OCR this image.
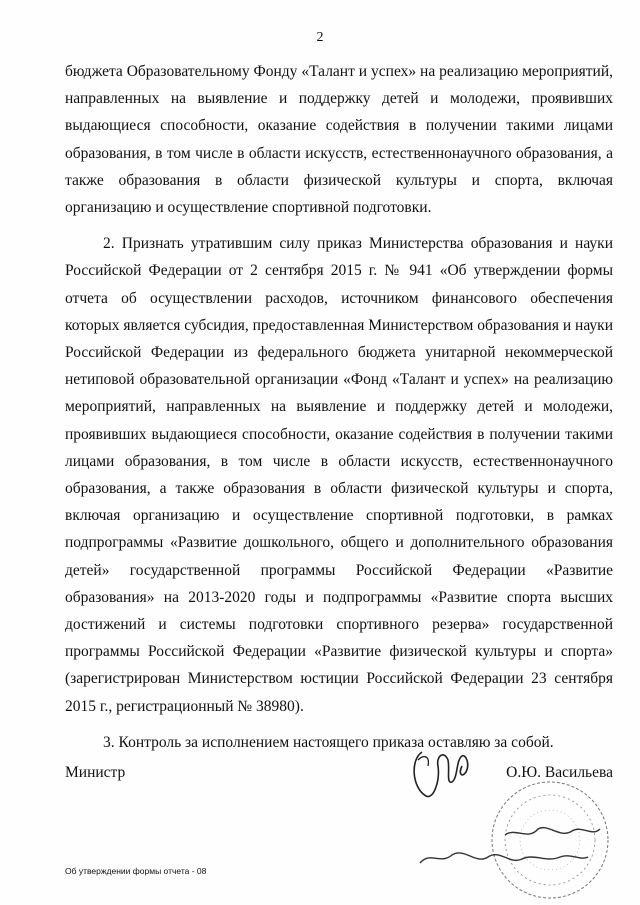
2

бюджета Образовательному Фонду «Талант и успех» на реализацию мероприятий, направленных на выявление и поддержку детей и молодежи, проявивших выдающиеся способности, оказание содействия в получении такими лицами образования, в том числе в области искусств, естественнонаучного образования, а также образования в области физической культуры и спорта, включая организацию и осуществление спортивной подготовки.

2. Признать утратившим силу приказ Министерства образования и науки Российской Федерации от 2 сентября 2015 г. № 941 «Об утверждении формы отчета об осуществлении расходов, источником финансового обеспечения которых является субсидия, предоставленная Министерством образования и науки Российской Федерации из федерального бюджета унитарной некоммерческой нетиповой образовательной организации «Фонд «Талант и успех» на реализацию мероприятий, направленных на выявление и поддержку детей и молодежи, проявивших выдающиеся способности, оказание содействия в получении такими лицами образования, в том числе в области искусств, естественнонаучного образования, а также образования в области физической культуры и спорта, включая организацию и осуществление спортивной подготовки, в рамках подпрограммы «Развитие дошкольного, общего и дополнительного образования детей» государственной программы Российской Федерации «Развитие образования» на 2013-2020 годы и подпрограммы «Развитие спорта высших достижений и системы подготовки спортивного резерва» государственной программы Российской Федерации «Развитие физической культуры и спорта» (зарегистрирован Министерством юстиции Российской Федерации 23 сентября 2015 г., регистрационный № 38980).

3. Контроль за исполнением настоящего приказа оставляю за собой.

Министр	О.Ю. Васильева
Об утверждении формы отчета - 08
